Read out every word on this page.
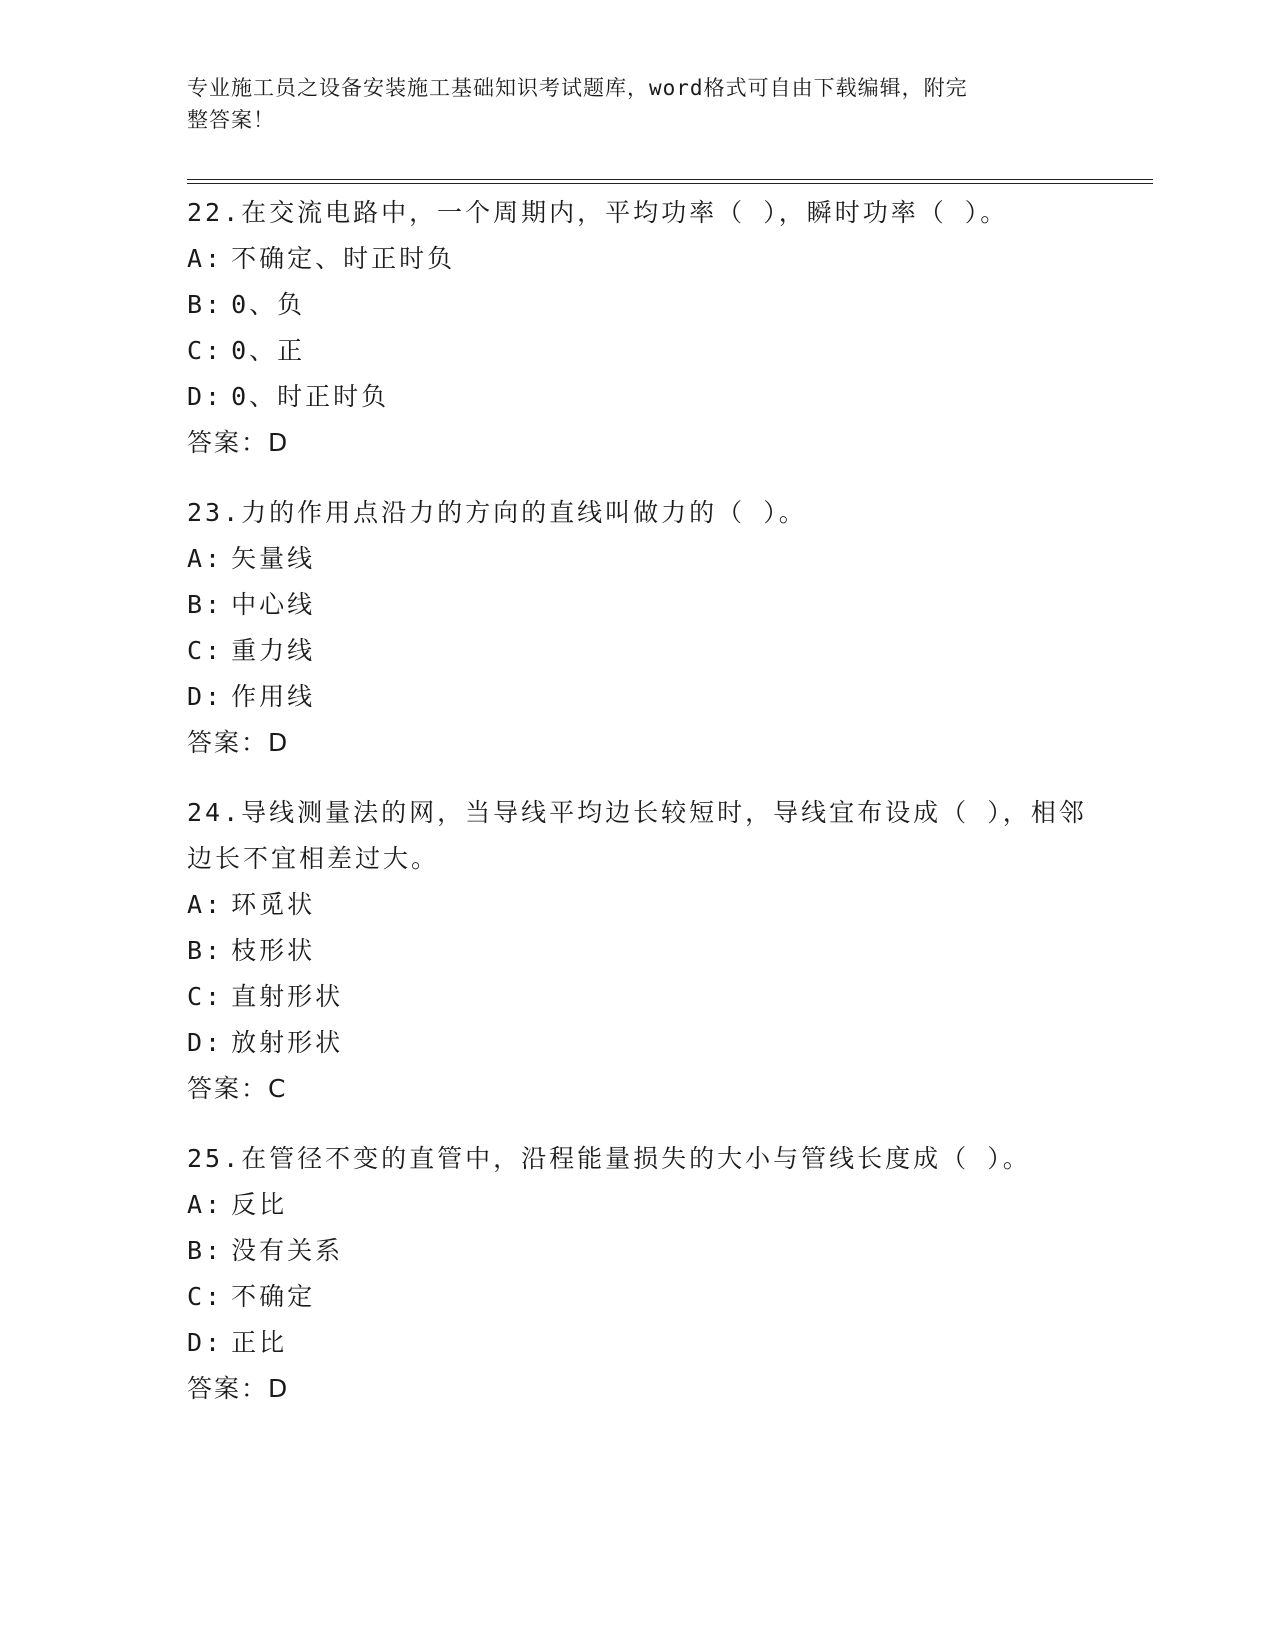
专业施工员之设备安装施工基础知识考试题库，word格式可自由下载编辑，附完
整答案！

22.在交流电路中，一个周期内，平均功率（ ），瞬时功率（ ）。

A: 不确定、时正时负

B: 0、负

C: 0、正

D: 0、时正时负

答案：D

23.力的作用点沿力的方向的直线叫做力的（ ）。

A: 矢量线

B: 中心线

C: 重力线

D: 作用线

答案：D

24.导线测量法的网，当导线平均边长较短时，导线宜布设成（ ），相邻边长不宜相差过大。

A: 环觅状

B: 枝形状

C: 直射形状

D: 放射形状

答案：C

25.在管径不变的直管中，沿程能量损失的大小与管线长度成（ ）。

A: 反比

B: 没有关系

C: 不确定

D: 正比

答案：D
